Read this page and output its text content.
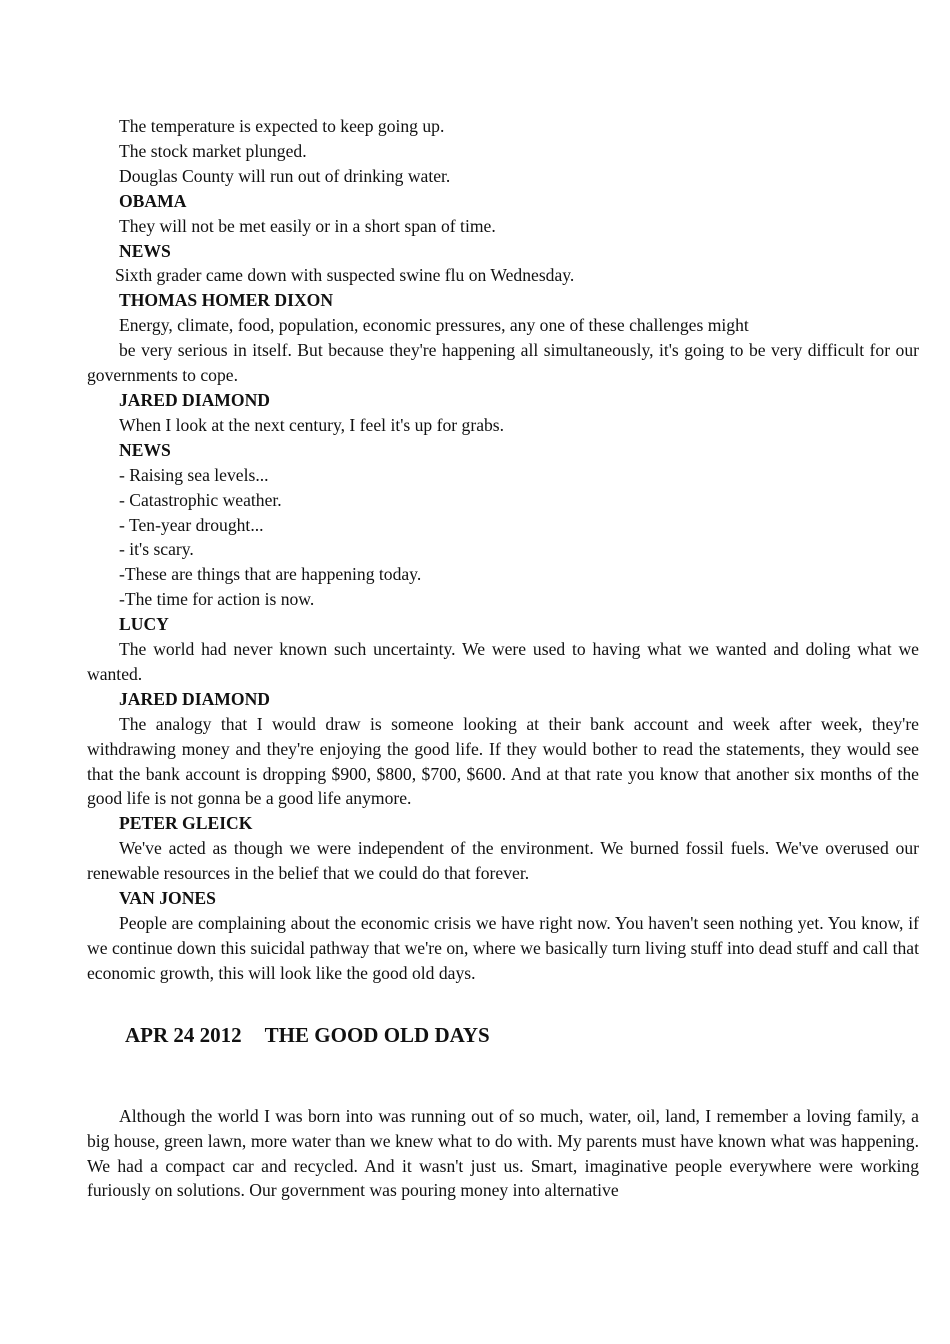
The temperature is expected to keep going up.

The stock market plunged.

Douglas County will run out of drinking water.

OBAMA

They will not be met easily or in a short span of time.

NEWS

Sixth grader came down with suspected swine flu on Wednesday.

THOMAS HOMER DIXON

Energy, climate, food, population, economic pressures, any one of these challenges might

be very serious in itself. But because they're happening all simultaneously, it's going to be very difficult for our governments to cope.

JARED DIAMOND

When I look at the next century, I feel it's up for grabs.

NEWS

- Raising sea levels...

- Catastrophic weather.

- Ten-year drought...

- it's scary.

-These are things that are happening today.

-The time for action is now.

LUCY

The world had never known such uncertainty. We were used to having what we wanted and doling what we wanted.

JARED DIAMOND

The analogy that I would draw is someone looking at their bank account and week after week, they're withdrawing money and they're enjoying the good life. If they would bother to read the statements, they would see that the bank account is dropping $900, $800, $700, $600. And at that rate you know that another six months of the good life is not gonna be a good life anymore.

PETER GLEICK

We've acted as though we were independent of the environment. We burned fossil fuels. We've overused our renewable resources in the belief that we could do that forever.

VAN JONES

People are complaining about the economic crisis we have right now. You haven't seen nothing yet. You know, if we continue down this suicidal pathway that we're on, where we basically turn living stuff into dead stuff and call that economic growth, this will look like the good old days.

APR 24 2012 THE GOOD OLD DAYS

Although the world I was born into was running out of so much, water, oil, land, I remember a loving family, a big house, green lawn, more water than we knew what to do with. My parents must have known what was happening. We had a compact car and recycled. And it wasn't just us. Smart, imaginative people everywhere were working furiously on solutions. Our government was pouring money into alternative
